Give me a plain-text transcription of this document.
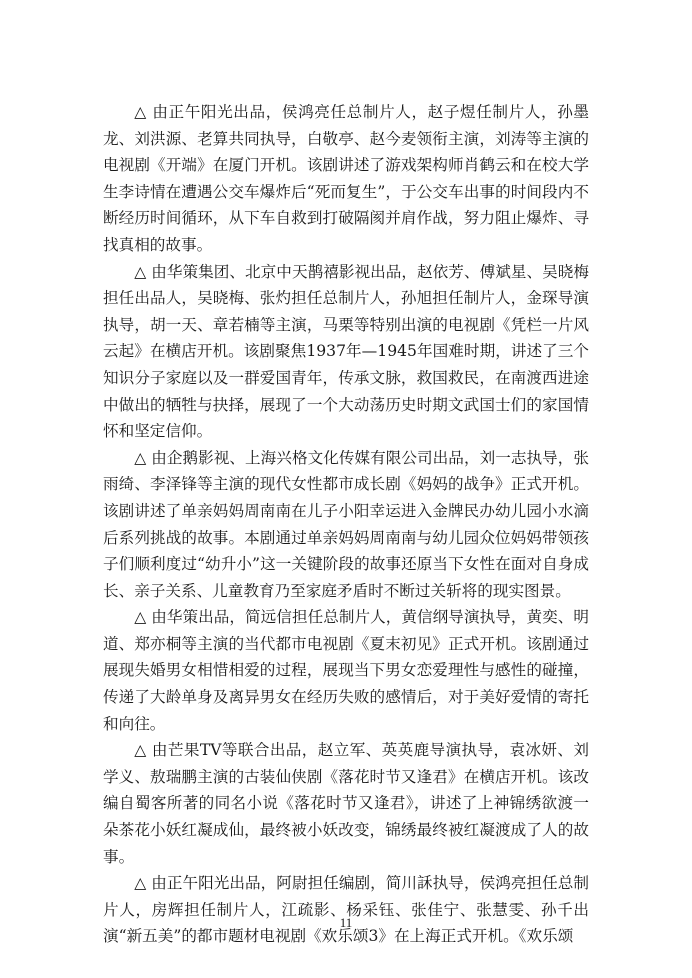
△ 由正午阳光出品，侯鸿亮任总制片人，赵子煜任制片人，孙墨龙、刘洪源、老算共同执导，白敬亭、赵今麦领衔主演，刘涛等主演的电视剧《开端》在厦门开机。该剧讲述了游戏架构师肖鹤云和在校大学生李诗情在遭遇公交车爆炸后“死而复生”，于公交车出事的时间段内不断经历时间循环，从下车自救到打破隔阂并肩作战，努力阻止爆炸、寻找真相的故事。

△ 由华策集团、北京中天鹊禧影视出品，赵依芳、傅斌星、吴晓梅担任出品人，吴晓梅、张灼担任总制片人，孙旭担任制片人，金琛导演执导，胡一天、章若楠等主演，马栗等特别出演的电视剧《凭栏一片风云起》在横店开机。该剧聚焦1937年—1945年国难时期，讲述了三个知识分子家庭以及一群爱国青年，传承文脉，救国救民，在南渡西进途中做出的牺牲与抉择，展现了一个大动荡历史时期文武国士们的家国情怀和坚定信仰。

△ 由企鹅影视、上海兴格文化传媒有限公司出品，刘一志执导，张雨绮、李泽锋等主演的现代女性都市成长剧《妈妈的战争》正式开机。该剧讲述了单亲妈妈周南南在儿子小阳幸运进入金牌民办幼儿园小水滴后系列挑战的故事。本剧通过单亲妈妈周南南与幼儿园众位妈妈带领孩子们顺利度过“幼升小”这一关键阶段的故事还原当下女性在面对自身成长、亲子关系、儿童教育乃至家庭矛盾时不断过关斩将的现实图景。

△ 由华策出品，简远信担任总制片人，黄信纲导演执导，黄奕、明道、郑亦桐等主演的当代都市电视剧《夏末初见》正式开机。该剧通过展现失婚男女相惜相爱的过程，展现当下男女恋爱理性与感性的碰撞，传递了大龄单身及离异男女在经历失败的感情后，对于美好爱情的寄托和向往。

△ 由芒果TV等联合出品，赵立军、英英鹿导演执导，袁冰妍、刘学义、敖瑞鹏主演的古装仙侠剧《落花时节又逢君》在横店开机。该改编自蜀客所著的同名小说《落花时节又逢君》，讲述了上神锦绣欲渡一朵茶花小妖红凝成仙，最终被小妖改变，锦绣最终被红凝渡成了人的故事。

△ 由正午阳光出品，阿尉担任编剧，简川訸执导，侯鸿亮担任总制片人，房辉担任制片人，江疏影、杨采钰、张佳宁、张慧雯、孙千出演“新五美”的都市题材电视剧《欢乐颂3》在上海正式开机。《欢乐颂

11
